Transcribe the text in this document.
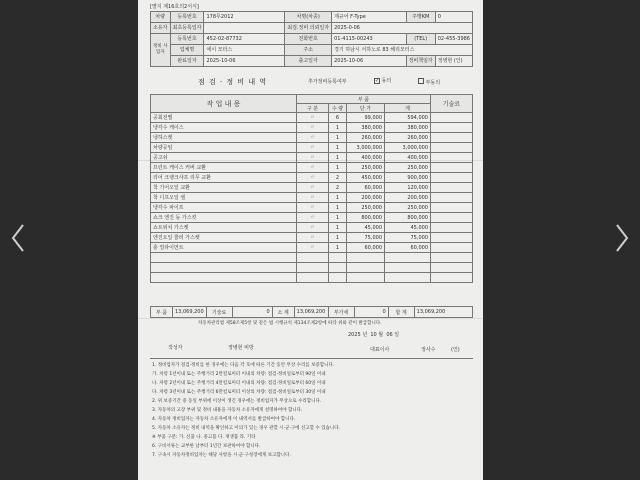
[별지 제16호의2서식]
차량	등록번호	178무2012	차명(차종)	제규어 F-Type	주행KM	0
소유자	최초등록일자		최검.정비 의뢰일자	2025-0-06		
정비 사업자	등록번호	452-02-87732	전화번호	01-4115-00243	(TEL)	02-455-3986
	업체명	에이 모터스	주소	경기 하남시 서하노로 83 해리모터스		
	완료일자	2025-10-06	출고일자	2025-10-06	정비책임자	정병현 (인)
점 검 · 정 비 내 역	추가정비등록여부	✓ 동의	부동의
작 업 내 용	부 품				기술료
	구 분	수 량	단 가	계	
공회전밸	〃	6	99,000	594,000	
냉각수 케이스	〃	1	380,000	380,000	
냉하스켓	〃	1	260,000	260,000	
차량공임	〃	1	3,000,000	3,000,000	
공고쉬	〃	1	400,000	400,000	
프런트 케이스 커버 교환	〃	1	250,000	250,000	
리어 크랭크샤프 리무 교환	〃	2	450,000	900,000	
착 기어오일 교환	〃	2	60,000	120,000	
착 디프오일 셀	〃	1	200,000	200,000	
냉각수 파이프	〃	1	250,000	250,000	
쇼크 엔진 등 가스킷	〃	1	800,000	800,000	
쇼트위치 가스켓	〃	1	45,000	45,000	
엔진오일 쿨러 가스켓	〃	1	75,000	75,000	
충 얼라이먼트	〃	1	60,000	60,000	

부 품	13,069,200	기술료	0	소 계	13,069,200	부가세	0	합 계	13,069,200
자동차관리법 제58조제5항 및 같은 법 시행규칙 제134조제2항에 따라 위와 같이 발급합니다.
2025 년 10 월 06 일
작성자	정병현 비방	대표이사	정사수	(인)
1. 정비업자가 점검·정비를 한 경우에는 다음 각 호에 따른 기간 동안 무상 수리를 보증합니다.
가. 차령 1년이내 또는 주행거리 2만킬로미터 이내의 차량: 점검·정비일로부터 90일 이내
나. 차령 2년이내 또는 주행거리 4만킬로미터 이내의 차량: 점검·정비일로부터 60일 이내
다. 차령 3년이내 또는 주행거리 6만킬로미터 이상의 차량: 점검·정비일로부터 30일 이내
2. 위 보증기간 중 동일 부위에 이상이 생긴 경우에는 정비업자가 무상으로 수리합니다.
3. 자동차의 고장 부위 및 정비 내용을 자동차 소유자에게 설명하여야 합니다.
4. 자동차 정비업자는 자동차 소유자에게 이 내역서를 발급하여야 합니다.
5. 자동차 소유자는 정비 내역을 확인하고 이의가 있는 경우 관할 시·군·구에 신고할 수 있습니다.
※ 부품 구분: 가. 신품 나. 중고품 다. 재생품 라. 기타
6. 구비서류는 교부한 날부터 1년간 보관하여야 합니다.
7. 구속시 자동차정비업자는 해당 사항을 시·군·구청장에게 보고합니다.
